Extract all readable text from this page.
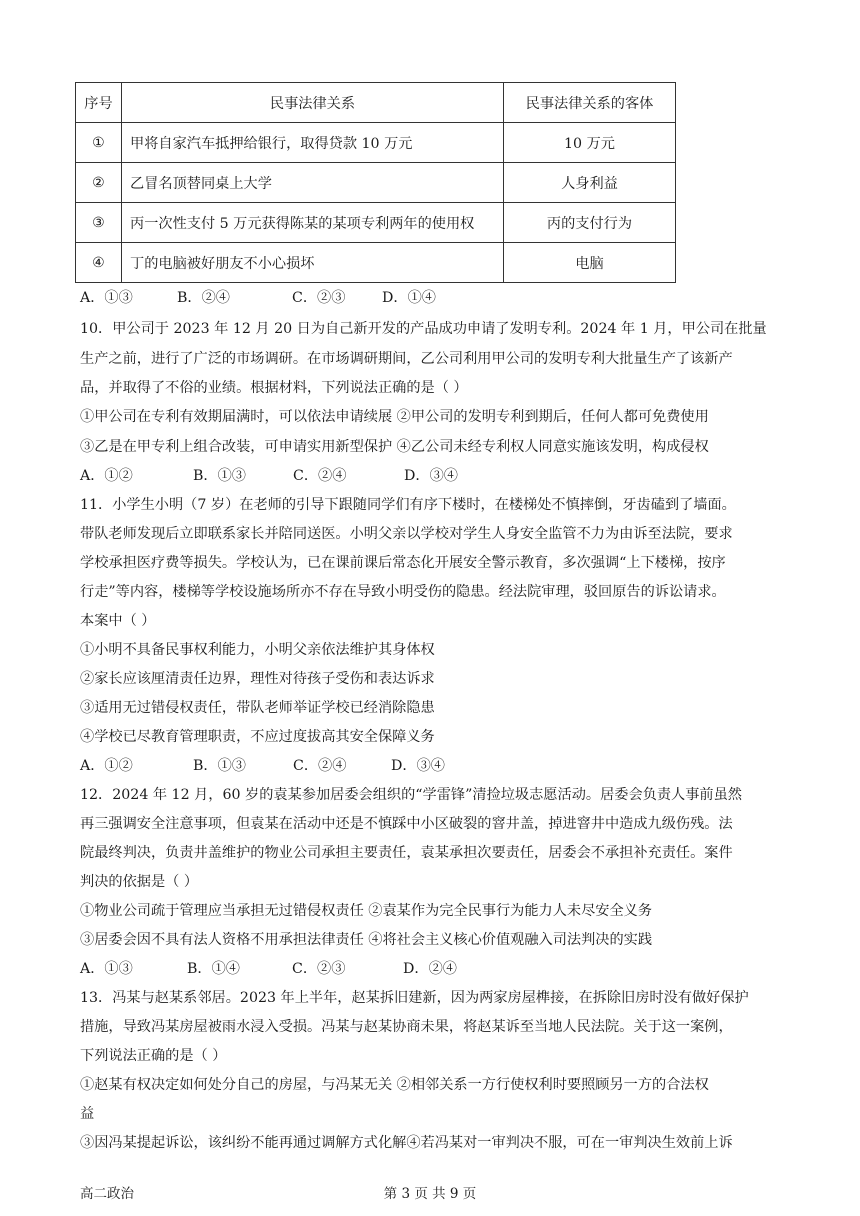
序号	民事法律关系	民事法律关系的客体
①	甲将自家汽车抵押给银行，取得贷款 10 万元	10 万元
②	乙冒名顶替同桌上大学	人身利益
③	丙一次性支付 5 万元获得陈某的某项专利两年的使用权	丙的支付行为
④	丁的电脑被好朋友不小心损坏	电脑
A．①③	B．②④	C．②③	D．①④
10．甲公司于 2023 年 12 月 20 日为自己新开发的产品成功申请了发明专利。2024 年 1 月，甲公司在批量
生产之前，进行了广泛的市场调研。在市场调研期间，乙公司利用甲公司的发明专利大批量生产了该新产
品，并取得了不俗的业绩。根据材料，下列说法正确的是（ ）
①甲公司在专利有效期届满时，可以依法申请续展 ②甲公司的发明专利到期后，任何人都可免费使用
③乙是在甲专利上组合改装，可申请实用新型保护 ④乙公司未经专利权人同意实施该发明，构成侵权
A．①②	B．①③	C．②④	D．③④
11．小学生小明（7 岁）在老师的引导下跟随同学们有序下楼时，在楼梯处不慎摔倒，牙齿磕到了墙面。
带队老师发现后立即联系家长并陪同送医。小明父亲以学校对学生人身安全监管不力为由诉至法院，要求
学校承担医疗费等损失。学校认为，已在课前课后常态化开展安全警示教育，多次强调“上下楼梯，按序
行走”等内容，楼梯等学校设施场所亦不存在导致小明受伤的隐患。经法院审理，驳回原告的诉讼请求。
本案中（ ）
①小明不具备民事权利能力，小明父亲依法维护其身体权
②家长应该厘清责任边界，理性对待孩子受伤和表达诉求
③适用无过错侵权责任，带队老师举证学校已经消除隐患
④学校已尽教育管理职责，不应过度拔高其安全保障义务
A．①②	B．①③	C．②④	D．③④
12．2024 年 12 月，60 岁的袁某参加居委会组织的“学雷锋”清捡垃圾志愿活动。居委会负责人事前虽然
再三强调安全注意事项，但袁某在活动中还是不慎踩中小区破裂的窨井盖，掉进窨井中造成九级伤残。法
院最终判决，负责井盖维护的物业公司承担主要责任，袁某承担次要责任，居委会不承担补充责任。案件
判决的依据是（ ）
①物业公司疏于管理应当承担无过错侵权责任 ②袁某作为完全民事行为能力人未尽安全义务
③居委会因不具有法人资格不用承担法律责任 ④将社会主义核心价值观融入司法判决的实践
A．①③	B．①④	C．②③	D．②④
13．冯某与赵某系邻居。2023 年上半年，赵某拆旧建新，因为两家房屋榫接，在拆除旧房时没有做好保护
措施，导致冯某房屋被雨水浸入受损。冯某与赵某协商未果，将赵某诉至当地人民法院。关于这一案例，
下列说法正确的是（ ）
①赵某有权决定如何处分自己的房屋，与冯某无关 ②相邻关系一方行使权利时要照顾另一方的合法权
益
③因冯某提起诉讼，该纠纷不能再通过调解方式化解④若冯某对一审判决不服，可在一审判决生效前上诉
第 3 页 共 9 页
高二政治
